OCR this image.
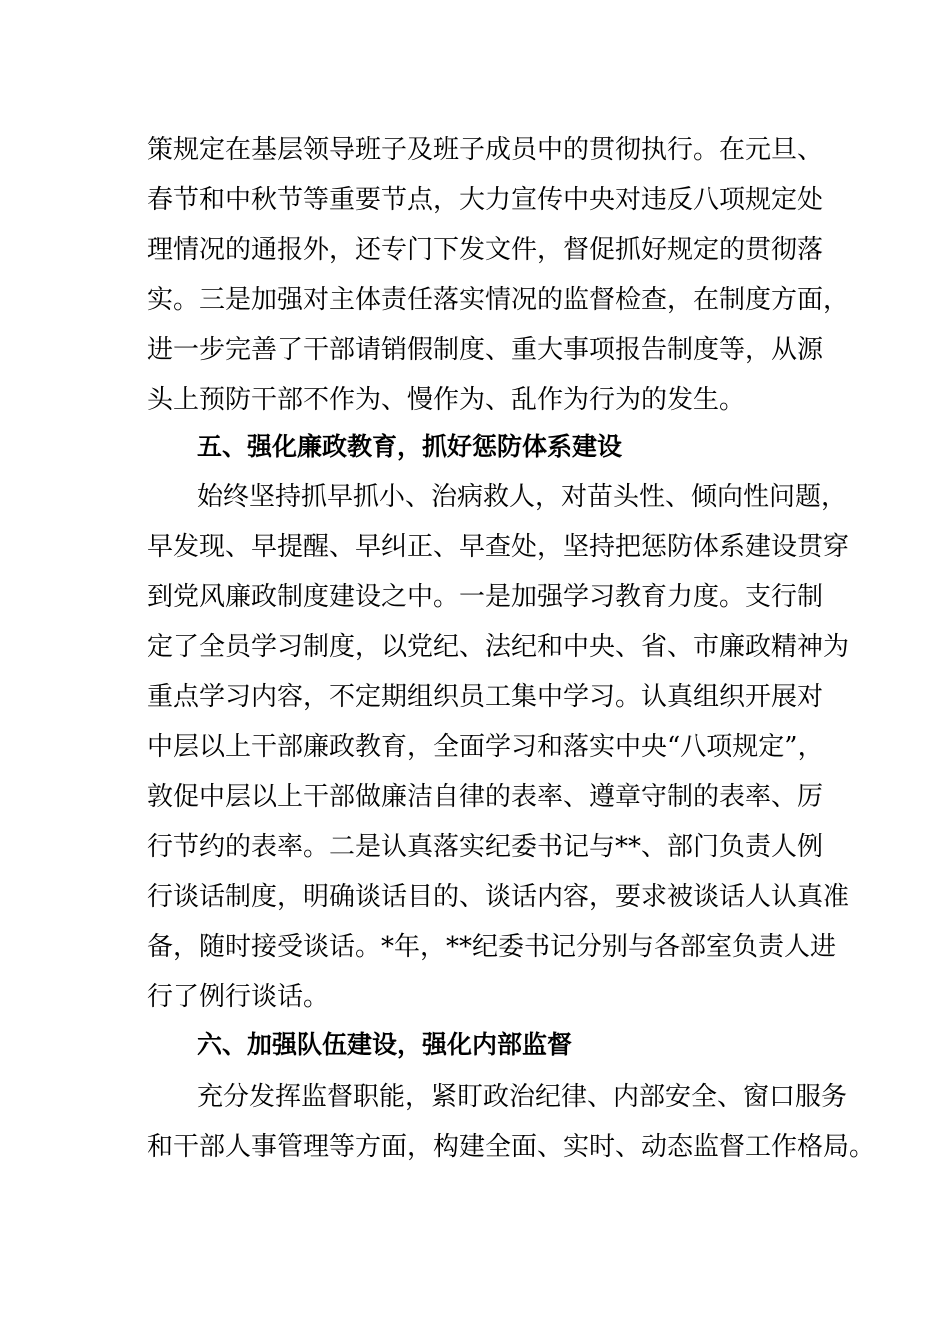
策规定在基层领导班子及班子成员中的贯彻执行。在元旦、
春节和中秋节等重要节点，大力宣传中央对违反八项规定处
理情况的通报外，还专门下发文件，督促抓好规定的贯彻落
实。三是加强对主体责任落实情况的监督检查，在制度方面，
进一步完善了干部请销假制度、重大事项报告制度等，从源
头上预防干部不作为、慢作为、乱作为行为的发生。
五、强化廉政教育，抓好惩防体系建设
始终坚持抓早抓小、治病救人，对苗头性、倾向性问题，
早发现、早提醒、早纠正、早查处，坚持把惩防体系建设贯穿
到党风廉政制度建设之中。一是加强学习教育力度。支行制
定了全员学习制度，以党纪、法纪和中央、省、市廉政精神为
重点学习内容，不定期组织员工集中学习。认真组织开展对
中层以上干部廉政教育，全面学习和落实中央“八项规定”，
敦促中层以上干部做廉洁自律的表率、遵章守制的表率、厉
行节约的表率。二是认真落实纪委书记与**、部门负责人例
行谈话制度，明确谈话目的、谈话内容，要求被谈话人认真准
备，随时接受谈话。*年，**纪委书记分别与各部室负责人进
行了例行谈话。
六、加强队伍建设，强化内部监督
充分发挥监督职能，紧盯政治纪律、内部安全、窗口服务
和干部人事管理等方面，构建全面、实时、动态监督工作格局。
